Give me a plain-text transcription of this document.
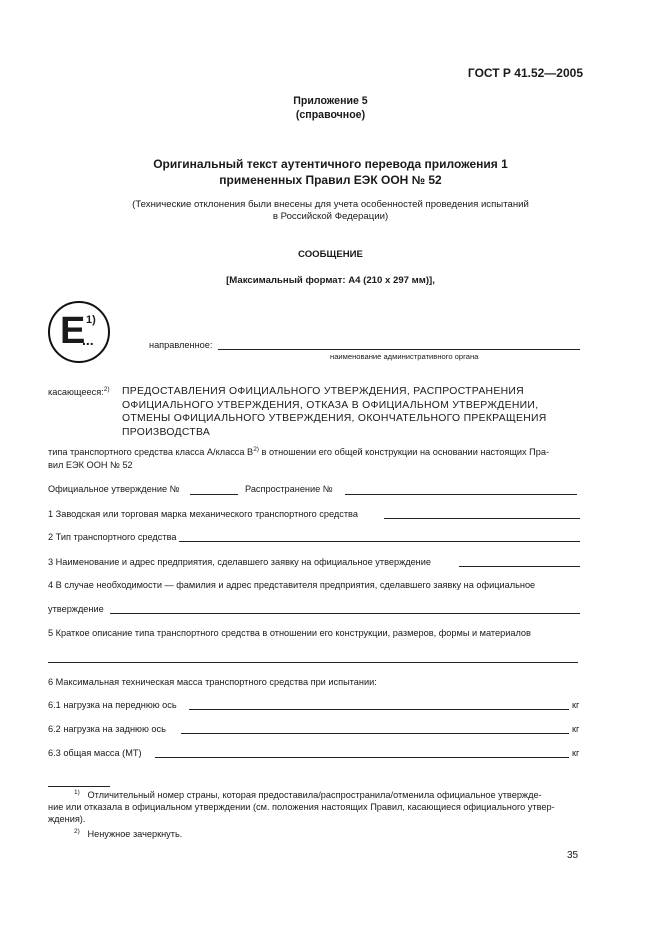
ГОСТ Р 41.52—2005
Приложение 5
(справочное)
Оригинальный текст аутентичного перевода приложения 1
примененных Правил ЕЭК ООН № 52
(Технические отклонения были внесены для учета особенностей проведения испытаний
в Российской Федерации)
СООБЩЕНИЕ
[Максимальный формат: А4 (210 х 297 мм)],
E 1)
...	направленное:
наименование административного органа
касающееся:$^{2)}$ ПРЕДОСТАВЛЕНИЯ ОФИЦИАЛЬНОГО УТВЕРЖДЕНИЯ, РАСПРОСТРАНЕНИЯ
ОФИЦИАЛЬНОГО УТВЕРЖДЕНИЯ, ОТКАЗА В ОФИЦИАЛЬНОМ УТВЕРЖДЕНИИ,
ОТМЕНЫ ОФИЦИАЛЬНОГО УТВЕРЖДЕНИЯ, ОКОНЧАТЕЛЬНОГО ПРЕКРАЩЕНИЯ
ПРОИЗВОДСТВА
типа транспортного средства класса А/класса $В^{2)}$ в отношении его общей конструкции на основании настоящих Пра-
вил ЕЭК ООН № 52
Официальное утверждение №	Распространение №
1 Заводская или торговая марка механического транспортного средства
2 Тип транспортного средства
3 Наименование и адрес предприятия, сделавшего заявку на официальное утверждение
4 В случае необходимости — фамилия и адрес представителя предприятия, сделавшего заявку на официальное
утверждение
5 Краткое описание типа транспортного средства в отношении его конструкции, размеров, формы и материалов
6 Максимальная техническая масса транспортного средства при испытании:
6.1 нагрузка на переднюю ось	кг
6.2 нагрузка на заднюю ось	кг
6.3 общая масса (МТ)	кг
$^{1)}$ Отличительный номер страны, которая предоставила/распространила/отменила официальное утвержде-
ние или отказала в официальном утверждении (см. положения настоящих Правил, касающиеся официального утвер-
ждения).
$^{2)}$ Ненужное зачеркнуть.
35
